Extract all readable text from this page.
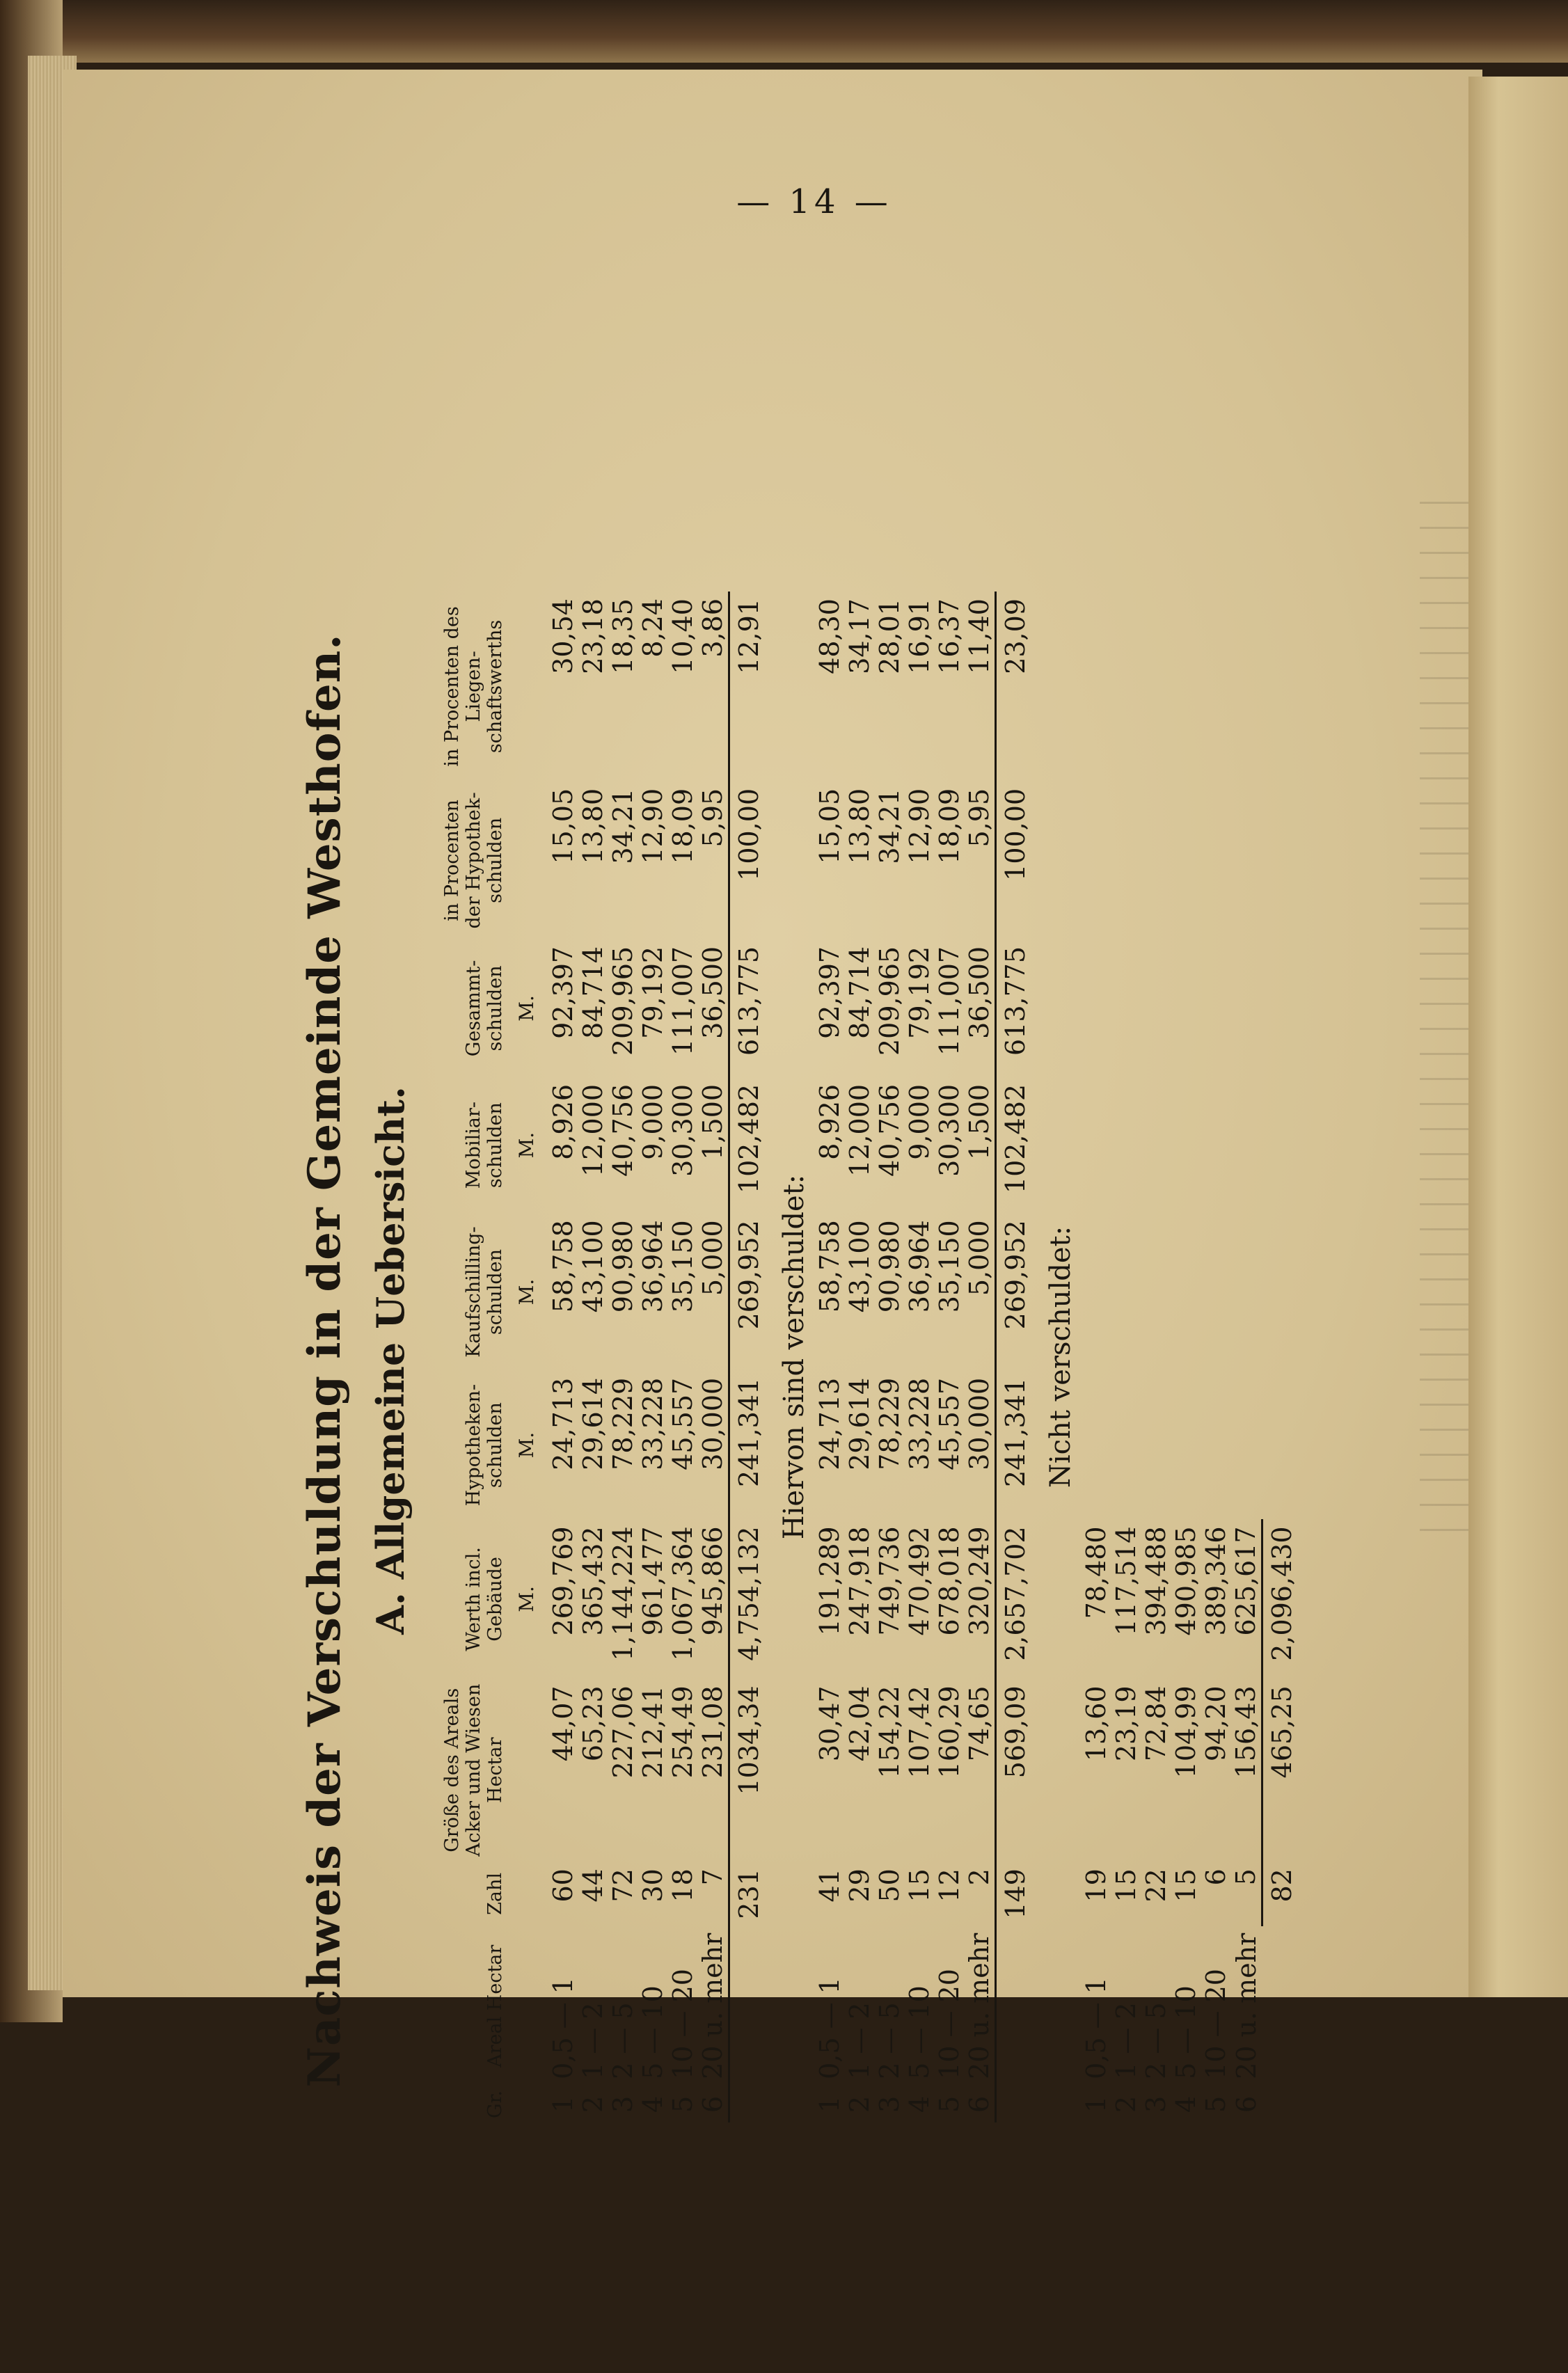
— 14 —
Nachweis der Verschuldung in der Gemeinde Westhofen. A. Allgemeine Uebersicht.
Gr.	Areal Hectar	Zahl	Größe des Areals Acker und Wiesen Hectar	Werth incl. Gebäude	Hypotheken- schulden	Kaufschilling- schulden	Mobiliar- schulden	Gesammt- schulden	in Procenten der Hypothek- schulden	in Procenten des Liegen- schaftswerths
				M.	M.	M.	M.	M.		
1	0,5 — 1	60	44,07	269,769	24,713	58,758	8,926	92,397	15,05	30,54
2	1 — 2	44	65,23	365,432	29,614	43,100	12,000	84,714	13,80	23,18
3	2 — 5	72	227,06	1,144,224	78,229	90,980	40,756	209,965	34,21	18,35
4	5 — 10	30	212,41	961,477	33,228	36,964	9,000	79,192	12,90	8,24
5	10 — 20	18	254,49	1,067,364	45,557	35,150	30,300	111,007	18,09	10,40
6	20 u. mehr	7	231,08	945,866	30,000	5,000	1,500	36,500	5,95	3,86
		231	1034,34	4,754,132	241,341	269,952	102,482	613,775	100,00	12,91
Hiervon sind verschuldet:										
1	0,5 — 1	41	30,47	191,289	24,713	58,758	8,926	92,397	15,05	48,30
2	1 — 2	29	42,04	247,918	29,614	43,100	12,000	84,714	13,80	34,17
3	2 — 5	50	154,22	749,736	78,229	90,980	40,756	209,965	34,21	28,01
4	5 — 10	15	107,42	470,492	33,228	36,964	9,000	79,192	12,90	16,91
5	10 — 20	12	160,29	678,018	45,557	35,150	30,300	111,007	18,09	16,37
6	20 u. mehr	2	74,65	320,249	30,000	5,000	1,500	36,500	5,95	11,40
		149	569,09	2,657,702	241,341	269,952	102,482	613,775	100,00	23,09
Nicht verschuldet:										
1	0,5 — 1	19	13,60	78,480						
2	1 — 2	15	23,19	117,514						
3	2 — 5	22	72,84	394,488						
4	5 — 10	15	104,99	490,985						
5	10 — 20	6	94,20	389,346						
6	20 u. mehr	5	156,43	625,617						
		82	465,25	2,096,430						
